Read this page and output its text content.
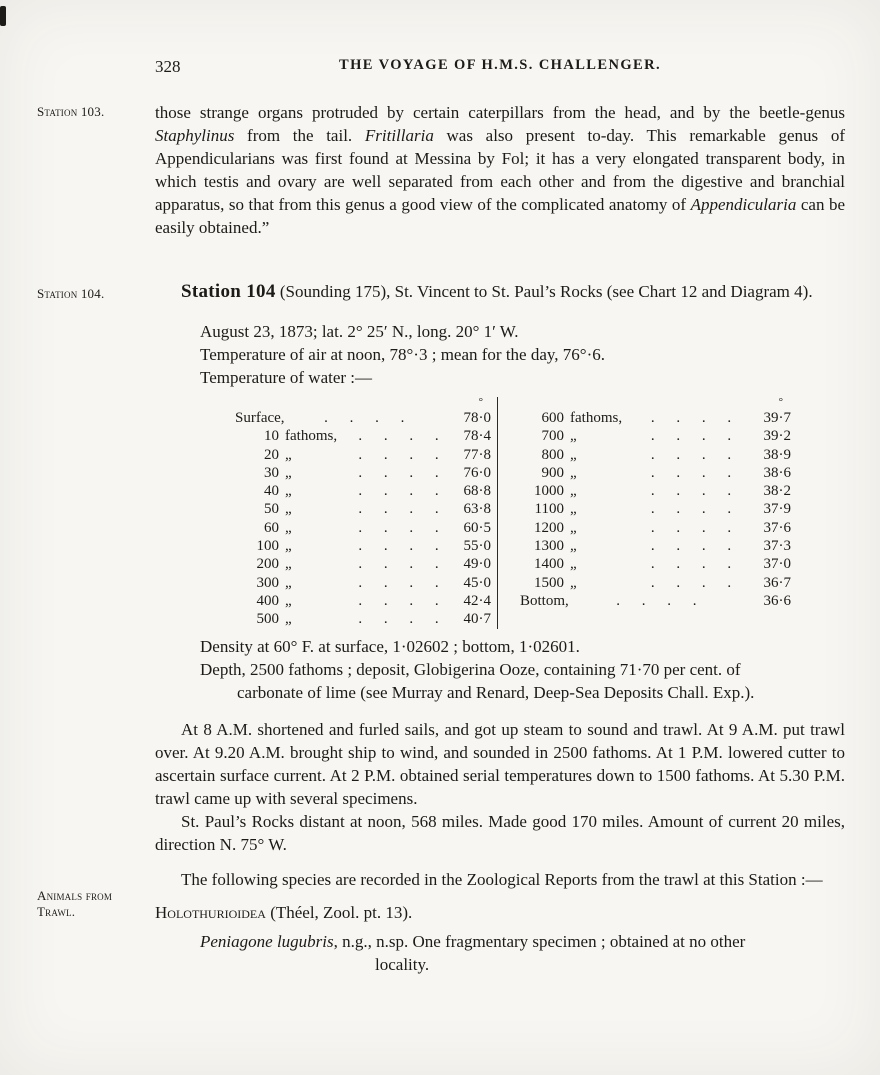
328	THE VOYAGE OF H.M.S. CHALLENGER.
Station 103.
Station 104.
Animals from
Trawl.

those strange organs protruded by certain caterpillars from the head, and by the beetle-genus Staphylinus from the tail. Fritillaria was also present to-day. This remarkable genus of Appendicularians was first found at Messina by Fol; it has a very elongated transparent body, in which testis and ovary are well separated from each other and from the digestive and branchial apparatus, so that from this genus a good view of the complicated anatomy of Appendicularia can be easily obtained.”

Station 104 (Sounding 175), St. Vincent to St. Paul’s Rocks (see Chart 12 and Diagram 4).

August 23, 1873; lat. 2° 25′ N., long. 20° 1′ W.
Temperature of air at noon, 78°·3 ; mean for the day, 76°·6.
Temperature of water :—
°
Surface,	. . . .	78·0
10 fathoms,	. . . .	78·4
20 „	. . . .	77·8
30 „	. . . .	76·0
40 „	. . . .	68·8
50 „	. . . .	63·8
60 „	. . . .	60·5
100 „	. . . .	55·0
200 „	. . . .	49·0
300 „	. . . .	45·0
400 „	. . . .	42·4
500 „	. . . .	40·7
°
600 fathoms,	. . . .	39·7
700 „	. . . .	39·2
800 „	. . . .	38·9
900 „	. . . .	38·6
1000 „	. . . .	38·2
1100 „	. . . .	37·9
1200 „	. . . .	37·6
1300 „	. . . .	37·3
1400 „	. . . .	37·0
1500 „	. . . .	36·7
Bottom,	. . . .	36·6
Density at 60° F. at surface, 1·02602 ; bottom, 1·02601.
Depth, 2500 fathoms ; deposit, Globigerina Ooze, containing 71·70 per cent. of
carbonate of lime (see Murray and Renard, Deep-Sea Deposits Chall. Exp.).

At 8 A.M. shortened and furled sails, and got up steam to sound and trawl. At 9 A.M. put trawl over. At 9.20 A.M. brought ship to wind, and sounded in 2500 fathoms. At 1 P.M. lowered cutter to ascertain surface current. At 2 P.M. obtained serial temperatures down to 1500 fathoms. At 5.30 P.M. trawl came up with several specimens.

St. Paul’s Rocks distant at noon, 568 miles. Made good 170 miles. Amount of current 20 miles, direction N. 75° W.

The following species are recorded in the Zoological Reports from the trawl at this Station :—

Holothurioidea (Théel, Zool. pt. 13).
Peniagone lugubris, n.g., n.sp. One fragmentary specimen ; obtained at no other
locality.
